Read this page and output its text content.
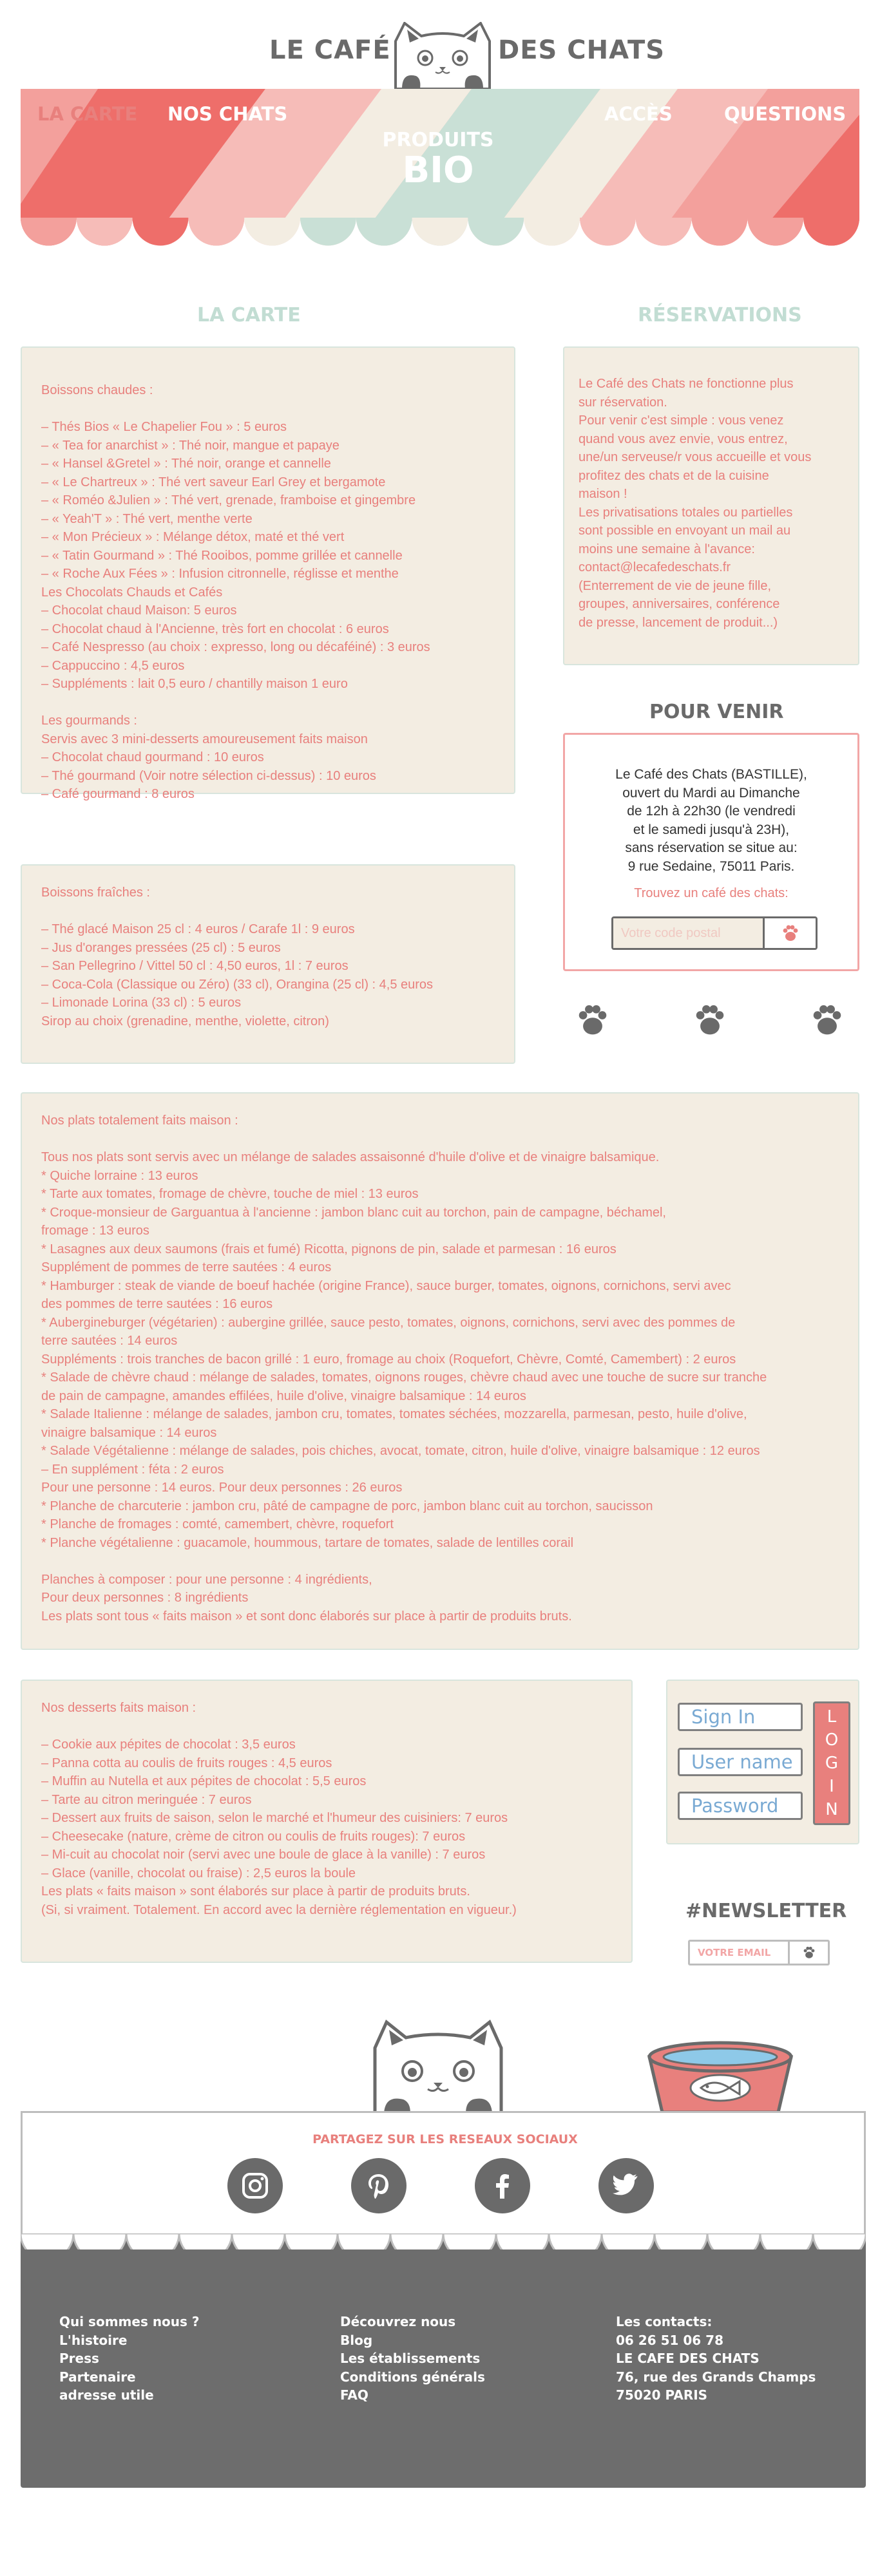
LE CAFÉ	DES CHATS
LA CARTE NOS CHATS
PRODUITS
BIO
ACCÈS	QUESTIONS
LA CARTE	RÉSERVATIONS
Boissons chaudes :
– Thés Bios « Le Chapelier Fou » : 5 euros
– « Tea for anarchist » : Thé noir, mangue et papaye
– « Hansel &Gretel » : Thé noir, orange et cannelle
– « Le Chartreux » : Thé vert saveur Earl Grey et bergamote
– « Roméo &Julien » : Thé vert, grenade, framboise et gingembre
– « Yeah'T » : Thé vert, menthe verte
– « Mon Précieux » : Mélange détox, maté et thé vert
– « Tatin Gourmand » : Thé Rooibos, pomme grillée et cannelle
– « Roche Aux Fées » : Infusion citronnelle, réglisse et menthe
Les Chocolats Chauds et Cafés
– Chocolat chaud Maison: 5 euros
– Chocolat chaud à l'Ancienne, très fort en chocolat : 6 euros
– Café Nespresso (au choix : expresso, long ou décaféiné) : 3 euros
– Cappuccino : 4,5 euros
– Suppléments : lait 0,5 euro / chantilly maison 1 euro
Les gourmands :
Servis avec 3 mini-desserts amoureusement faits maison
– Chocolat chaud gourmand : 10 euros
– Thé gourmand (Voir notre sélection ci-dessus) : 10 euros
– Café gourmand : 8 euros
Boissons fraîches :
– Thé glacé Maison 25 cl : 4 euros / Carafe 1l : 9 euros
– Jus d'oranges pressées (25 cl) : 5 euros
– San Pellegrino / Vittel 50 cl : 4,50 euros, 1l : 7 euros
– Coca-Cola (Classique ou Zéro) (33 cl), Orangina (25 cl) : 4,5 euros
– Limonade Lorina (33 cl) : 5 euros
Sirop au choix (grenadine, menthe, violette, citron)
Le Café des Chats ne fonctionne plus
sur réservation.
Pour venir c'est simple : vous venez
quand vous avez envie, vous entrez,
une/un serveuse/r vous accueille et vous
profitez des chats et de la cuisine
maison !
Les privatisations totales ou partielles
sont possible en envoyant un mail au
moins une semaine à l'avance:
contact@lecafedeschats.fr
(Enterrement de vie de jeune fille,
groupes, anniversaires, conférence
de presse, lancement de produit...)
POUR VENIR
Le Café des Chats (BASTILLE),
ouvert du Mardi au Dimanche
de 12h à 22h30 (le vendredi
et le samedi jusqu'à 23H),
sans réservation se situe au:
9 rue Sedaine, 75011 Paris.
Trouvez un café des chats:
Votre code postal
Nos plats totalement faits maison :
Tous nos plats sont servis avec un mélange de salades assaisonné d'huile d'olive et de vinaigre balsamique.
* Quiche lorraine : 13 euros
* Tarte aux tomates, fromage de chèvre, touche de miel : 13 euros
* Croque-monsieur de Garguantua à l'ancienne : jambon blanc cuit au torchon, pain de campagne, béchamel,
fromage : 13 euros
* Lasagnes aux deux saumons (frais et fumé) Ricotta, pignons de pin, salade et parmesan : 16 euros
Supplément de pommes de terre sautées : 4 euros
* Hamburger : steak de viande de boeuf hachée (origine France), sauce burger, tomates, oignons, cornichons, servi avec
des pommes de terre sautées : 16 euros
* Aubergineburger (végétarien) : aubergine grillée, sauce pesto, tomates, oignons, cornichons, servi avec des pommes de
terre sautées : 14 euros
Suppléments : trois tranches de bacon grillé : 1 euro, fromage au choix (Roquefort, Chèvre, Comté, Camembert) : 2 euros
* Salade de chèvre chaud : mélange de salades, tomates, oignons rouges, chèvre chaud avec une touche de sucre sur tranche
de pain de campagne, amandes effilées, huile d'olive, vinaigre balsamique : 14 euros
* Salade Italienne : mélange de salades, jambon cru, tomates, tomates séchées, mozzarella, parmesan, pesto, huile d'olive,
vinaigre balsamique : 14 euros
* Salade Végétalienne : mélange de salades, pois chiches, avocat, tomate, citron, huile d'olive, vinaigre balsamique : 12 euros
– En supplément : féta : 2 euros
Pour une personne : 14 euros. Pour deux personnes : 26 euros
* Planche de charcuterie : jambon cru, pâté de campagne de porc, jambon blanc cuit au torchon, saucisson
* Planche de fromages : comté, camembert, chèvre, roquefort
* Planche végétalienne : guacamole, hoummous, tartare de tomates, salade de lentilles corail
Planches à composer : pour une personne : 4 ingrédients,
Pour deux personnes : 8 ingrédients
Les plats sont tous « faits maison » et sont donc élaborés sur place à partir de produits bruts.
Nos desserts faits maison :
– Cookie aux pépites de chocolat : 3,5 euros
– Panna cotta au coulis de fruits rouges : 4,5 euros
– Muffin au Nutella et aux pépites de chocolat : 5,5 euros
– Tarte au citron meringuée : 7 euros
– Dessert aux fruits de saison, selon le marché et l'humeur des cuisiniers: 7 euros
– Cheesecake (nature, crème de citron ou coulis de fruits rouges): 7 euros
– Mi-cuit au chocolat noir (servi avec une boule de glace à la vanille) : 7 euros
– Glace (vanille, chocolat ou fraise) : 2,5 euros la boule
Les plats « faits maison » sont élaborés sur place à partir de produits bruts.
(Si, si vraiment. Totalement. En accord avec la dernière réglementation en vigueur.)
Sign In
User name
L
O
G
I
N
#NEWSLETTER
VOTRE EMAIL
PARTAGEZ SUR LES RESEAUX SOCIAUX
Qui sommes nous ?
L'histoire
Press
Partenaire
adresse utile
Découvrez nous
Blog
Les établissements
Conditions générals
FAQ
Les contacts:
06 26 51 06 78
LE CAFE DES CHATS
76, rue des Grands Champs
75020 PARIS
